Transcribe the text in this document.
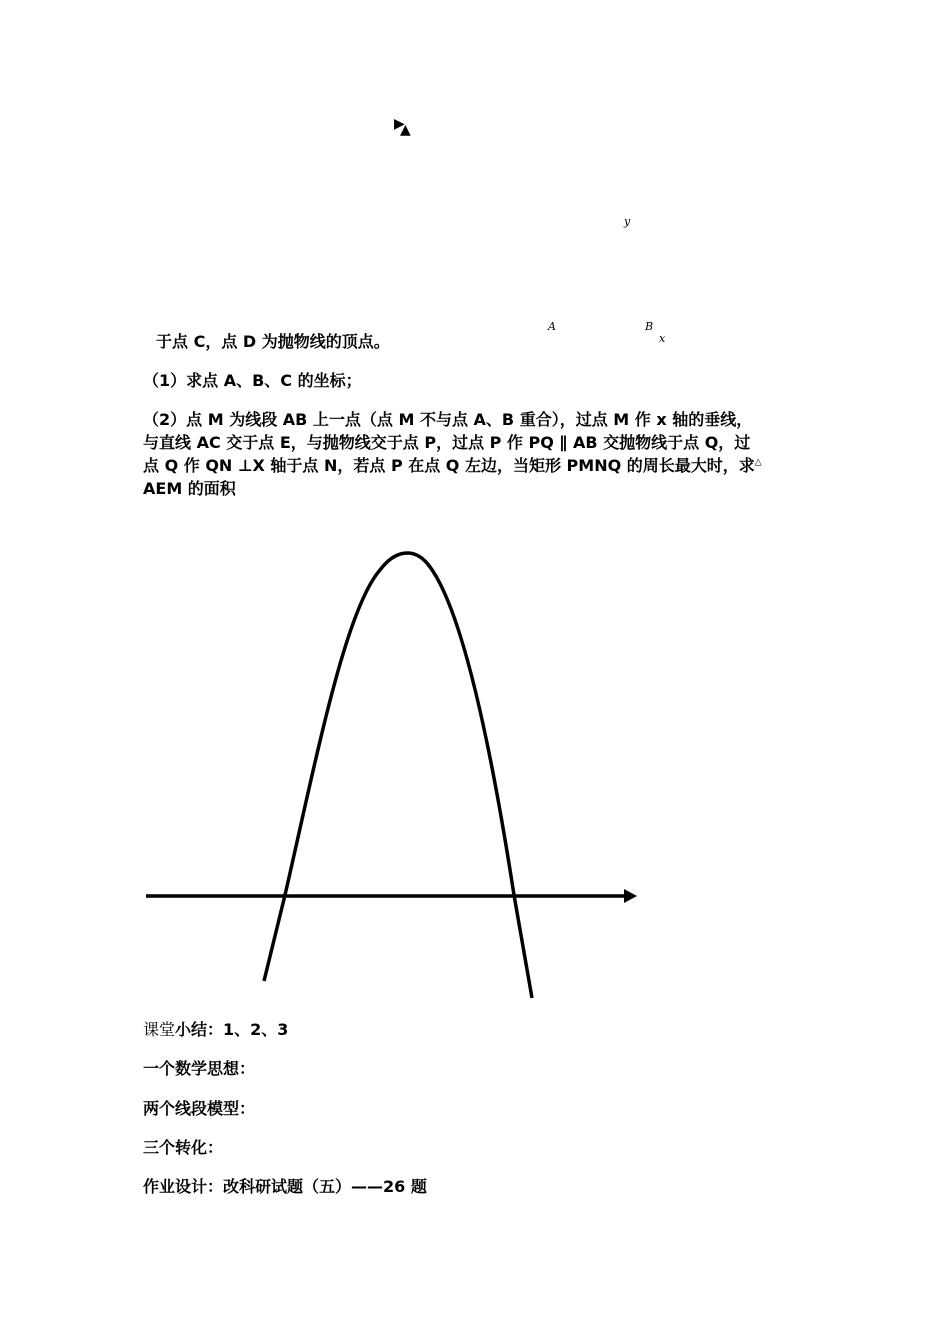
▶
▲
y
A	B
x
于点 C，点 D 为抛物线的顶点。
（1）求点 A、B、C 的坐标；
（2）点 M 为线段 AB 上一点（点 M 不与点 A、B 重合），过点 M 作 x 轴的垂线，
与直线 AC 交于点 E，与抛物线交于点 P，过点 P 作 PQ ∥ AB 交抛物线于点 Q，过
点 Q 作 QN ⊥X 轴于点 N，若点 P 在点 Q 左边，当矩形 PMNQ 的周长最大时，求△
AEM 的面积
课堂小结：1、2、3
一个数学思想：
两个线段模型：
三个转化：
作业设计：改科研试题（五）——26 题
